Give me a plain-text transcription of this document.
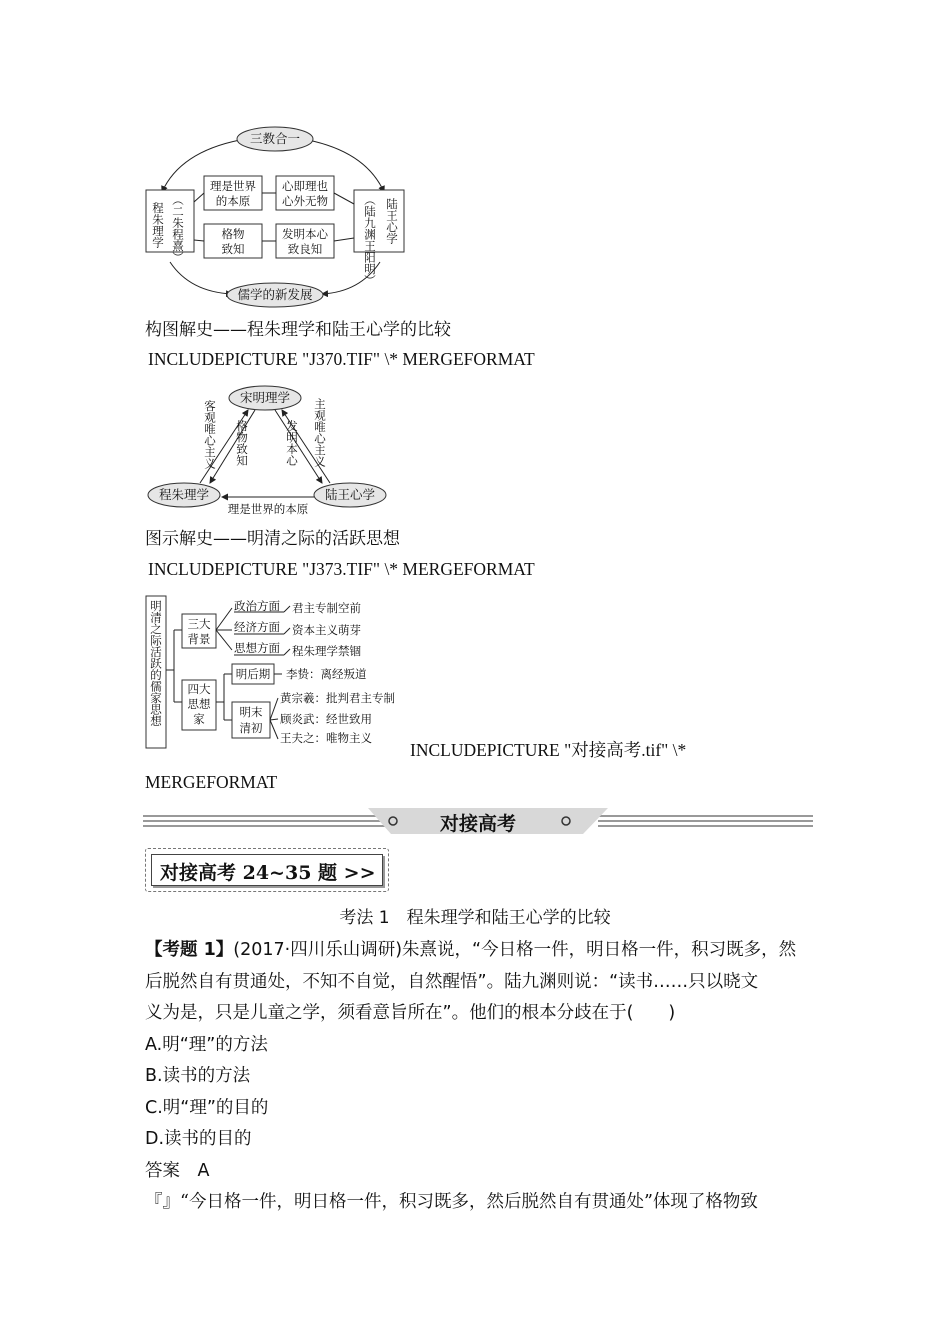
三教合一
儒学的新发展
程朱理学 ︵二朱程熹︶	陆王心学
︵陆九渊王阳明︶
理是世界
的本原
心即理也
心外无物
格物
致知
发明本心
致良知
构图解史——程朱理学和陆王心学的比较
INCLUDEPICTURE "J370.TIF" \* MERGEFORMAT
宋明理学
程朱理学	陆王心学
客观唯心主义 格物致知	发明本心 主观唯心主义
理是世界的本原
图示解史——明清之际的活跃思想
INCLUDEPICTURE "J373.TIF" \* MERGEFORMAT
明清之际活跃的儒家思想 三大
背景
政治方面
经济方面
思想方面
君主专制空前
资本主义萌芽
程朱理学禁锢
四大
思想
家
明后期 李贽：离经叛道
明末
清初
黄宗羲：批判君主专制
顾炎武：经世致用
王夫之：唯物主义
INCLUDEPICTURE "对接高考.tif" \*
MERGEFORMAT
对接高考
对接高考 24~35 题 >>
考法 1　程朱理学和陆王心学的比较
【考题 1】(2017·四川乐山调研)朱熹说，“今日格一件，明日格一件，积习既多，然
后脱然自有贯通处，不知不自觉，自然醒悟”。陆九渊则说：“读书……只以晓文
义为是，只是儿童之学，须看意旨所在”。他们的根本分歧在于(　　)
A.明“理”的方法
B.读书的方法
C.明“理”的目的
D.读书的目的
答案　A
『』“今日格一件，明日格一件，积习既多，然后脱然自有贯通处”体现了格物致
